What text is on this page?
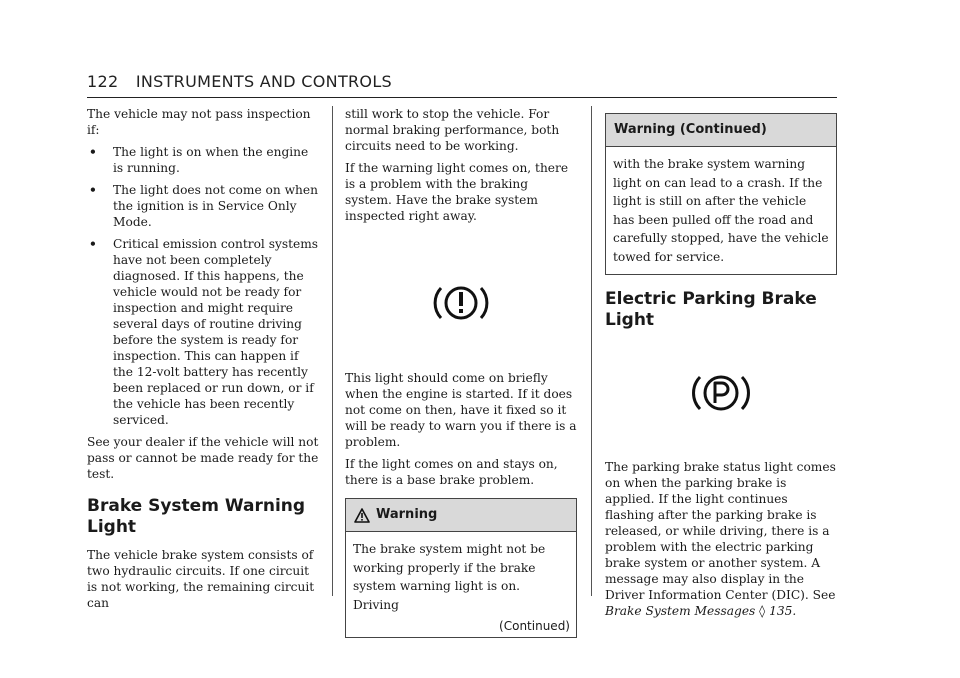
122 INSTRUMENTS AND CONTROLS

The vehicle may not pass inspection if:

• The light is on when the engine is running.
• The light does not come on when the ignition is in Service Only Mode.
• Critical emission control systems have not been completely diagnosed. If this happens, the vehicle would not be ready for inspection and might require several days of routine driving before the system is ready for inspection. This can happen if the 12-volt battery has recently been replaced or run down, or if the vehicle has been recently serviced.

See your dealer if the vehicle will not pass or cannot be made ready for the test.

Brake System Warning Light

The vehicle brake system consists of two hydraulic circuits. If one circuit is not working, the remaining circuit can

still work to stop the vehicle. For normal braking performance, both circuits need to be working.

If the warning light comes on, there is a problem with the braking system. Have the brake system inspected right away.

This light should come on briefly when the engine is started. If it does not come on then, have it fixed so it will be ready to warn you if there is a problem.

If the light comes on and stays on, there is a base brake problem.

Warning
The brake system might not be working properly if the brake system warning light is on. Driving
(Continued)
Warning (Continued)
with the brake system warning light on can lead to a crash. If the light is still on after the vehicle has been pulled off the road and carefully stopped, have the vehicle towed for service.
Electric Parking Brake Light

The parking brake status light comes on when the parking brake is applied. If the light continues flashing after the parking brake is released, or while driving, there is a problem with the electric parking brake system or another system. A message may also display in the Driver Information Center (DIC). See Brake System Messages ◊ 135.
